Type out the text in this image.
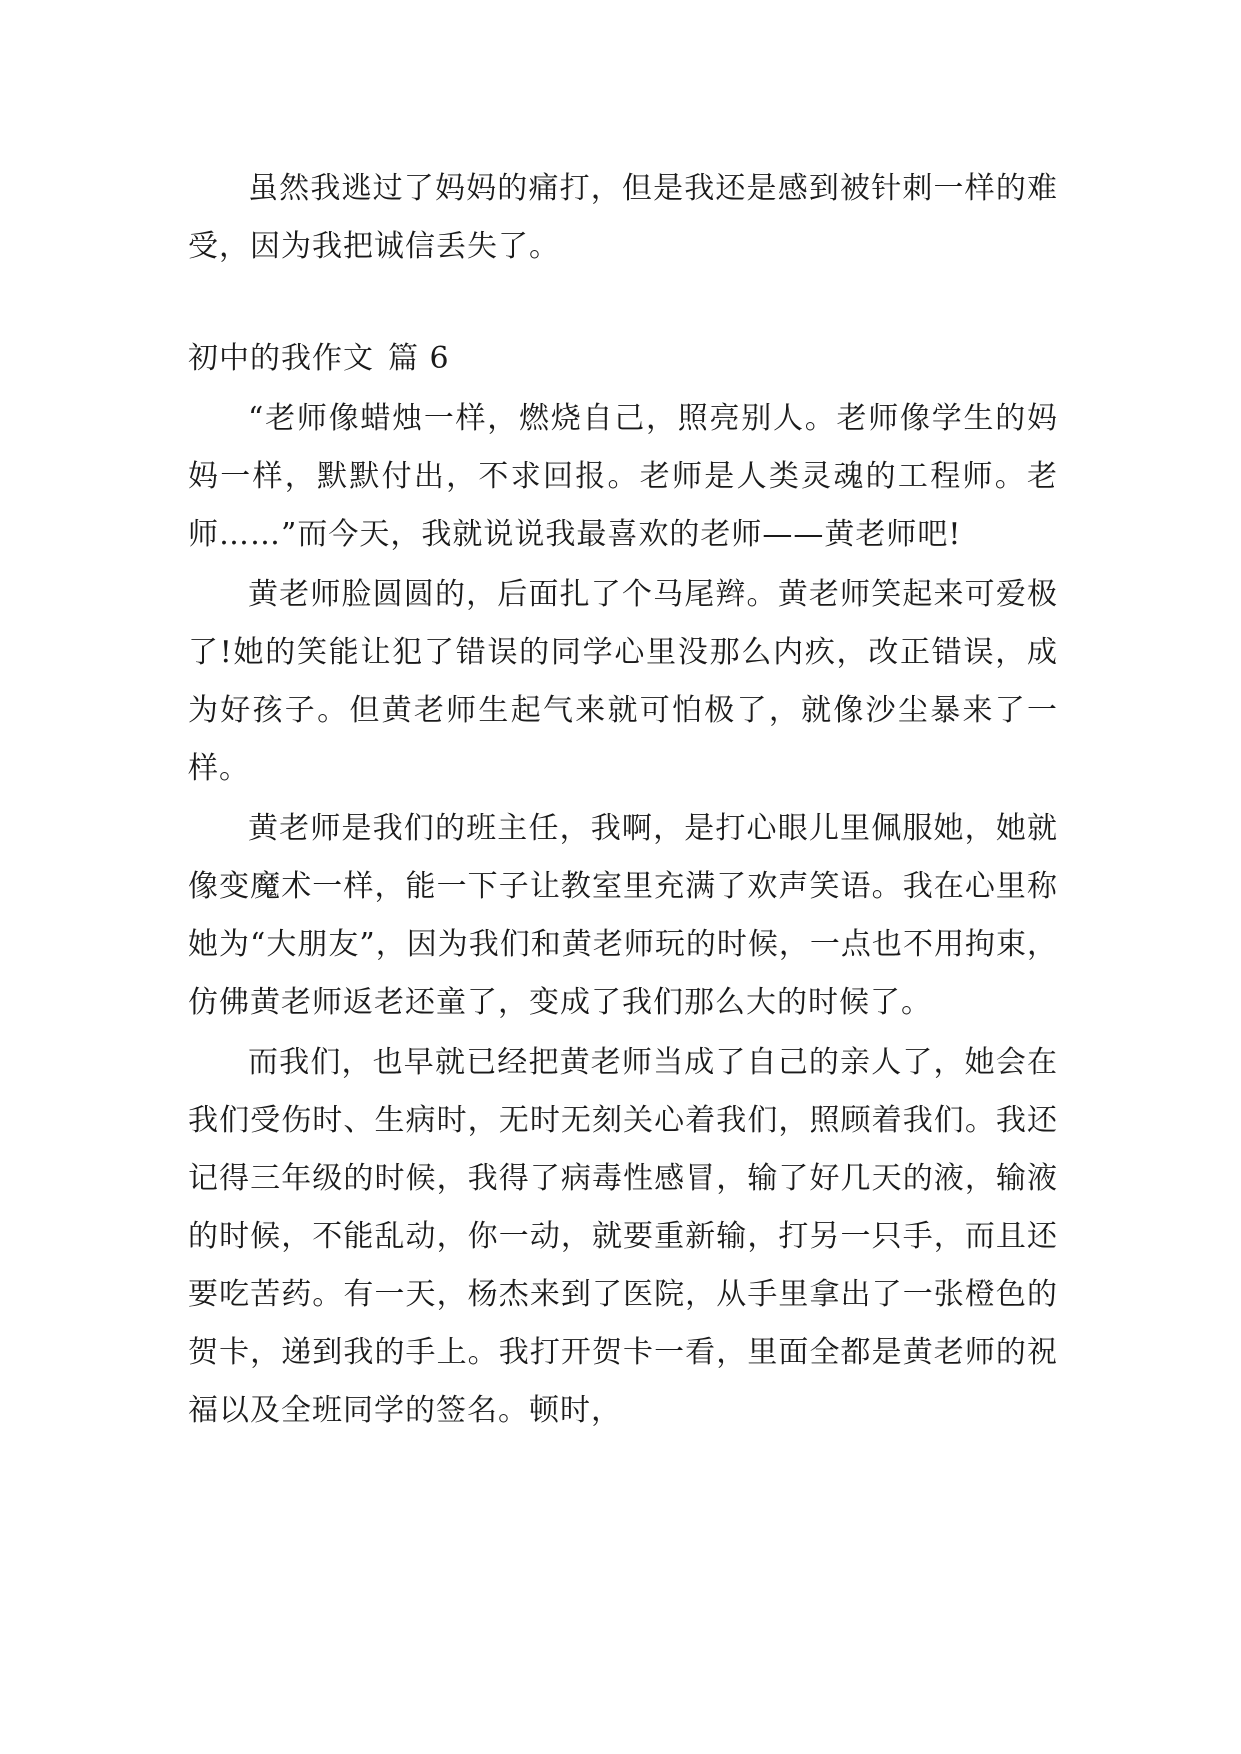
虽然我逃过了妈妈的痛打，但是我还是感到被针刺一样的难受，因为我把诚信丢失了。

初中的我作文 篇 6

“老师像蜡烛一样，燃烧自己，照亮别人。老师像学生的妈妈一样，默默付出，不求回报。老师是人类灵魂的工程师。老师……”而今天，我就说说我最喜欢的老师——黄老师吧!

黄老师脸圆圆的，后面扎了个马尾辫。黄老师笑起来可爱极了!她的笑能让犯了错误的同学心里没那么内疚，改正错误，成为好孩子。但黄老师生起气来就可怕极了，就像沙尘暴来了一样。

黄老师是我们的班主任，我啊，是打心眼儿里佩服她，她就像变魔术一样，能一下子让教室里充满了欢声笑语。我在心里称她为“大朋友”，因为我们和黄老师玩的时候，一点也不用拘束，仿佛黄老师返老还童了，变成了我们那么大的时候了。

而我们，也早就已经把黄老师当成了自己的亲人了，她会在我们受伤时、生病时，无时无刻关心着我们，照顾着我们。我还记得三年级的时候，我得了病毒性感冒，输了好几天的液，输液的时候，不能乱动，你一动，就要重新输，打另一只手，而且还要吃苦药。有一天，杨杰来到了医院，从手里拿出了一张橙色的贺卡，递到我的手上。我打开贺卡一看，里面全都是黄老师的祝福以及全班同学的签名。顿时，
